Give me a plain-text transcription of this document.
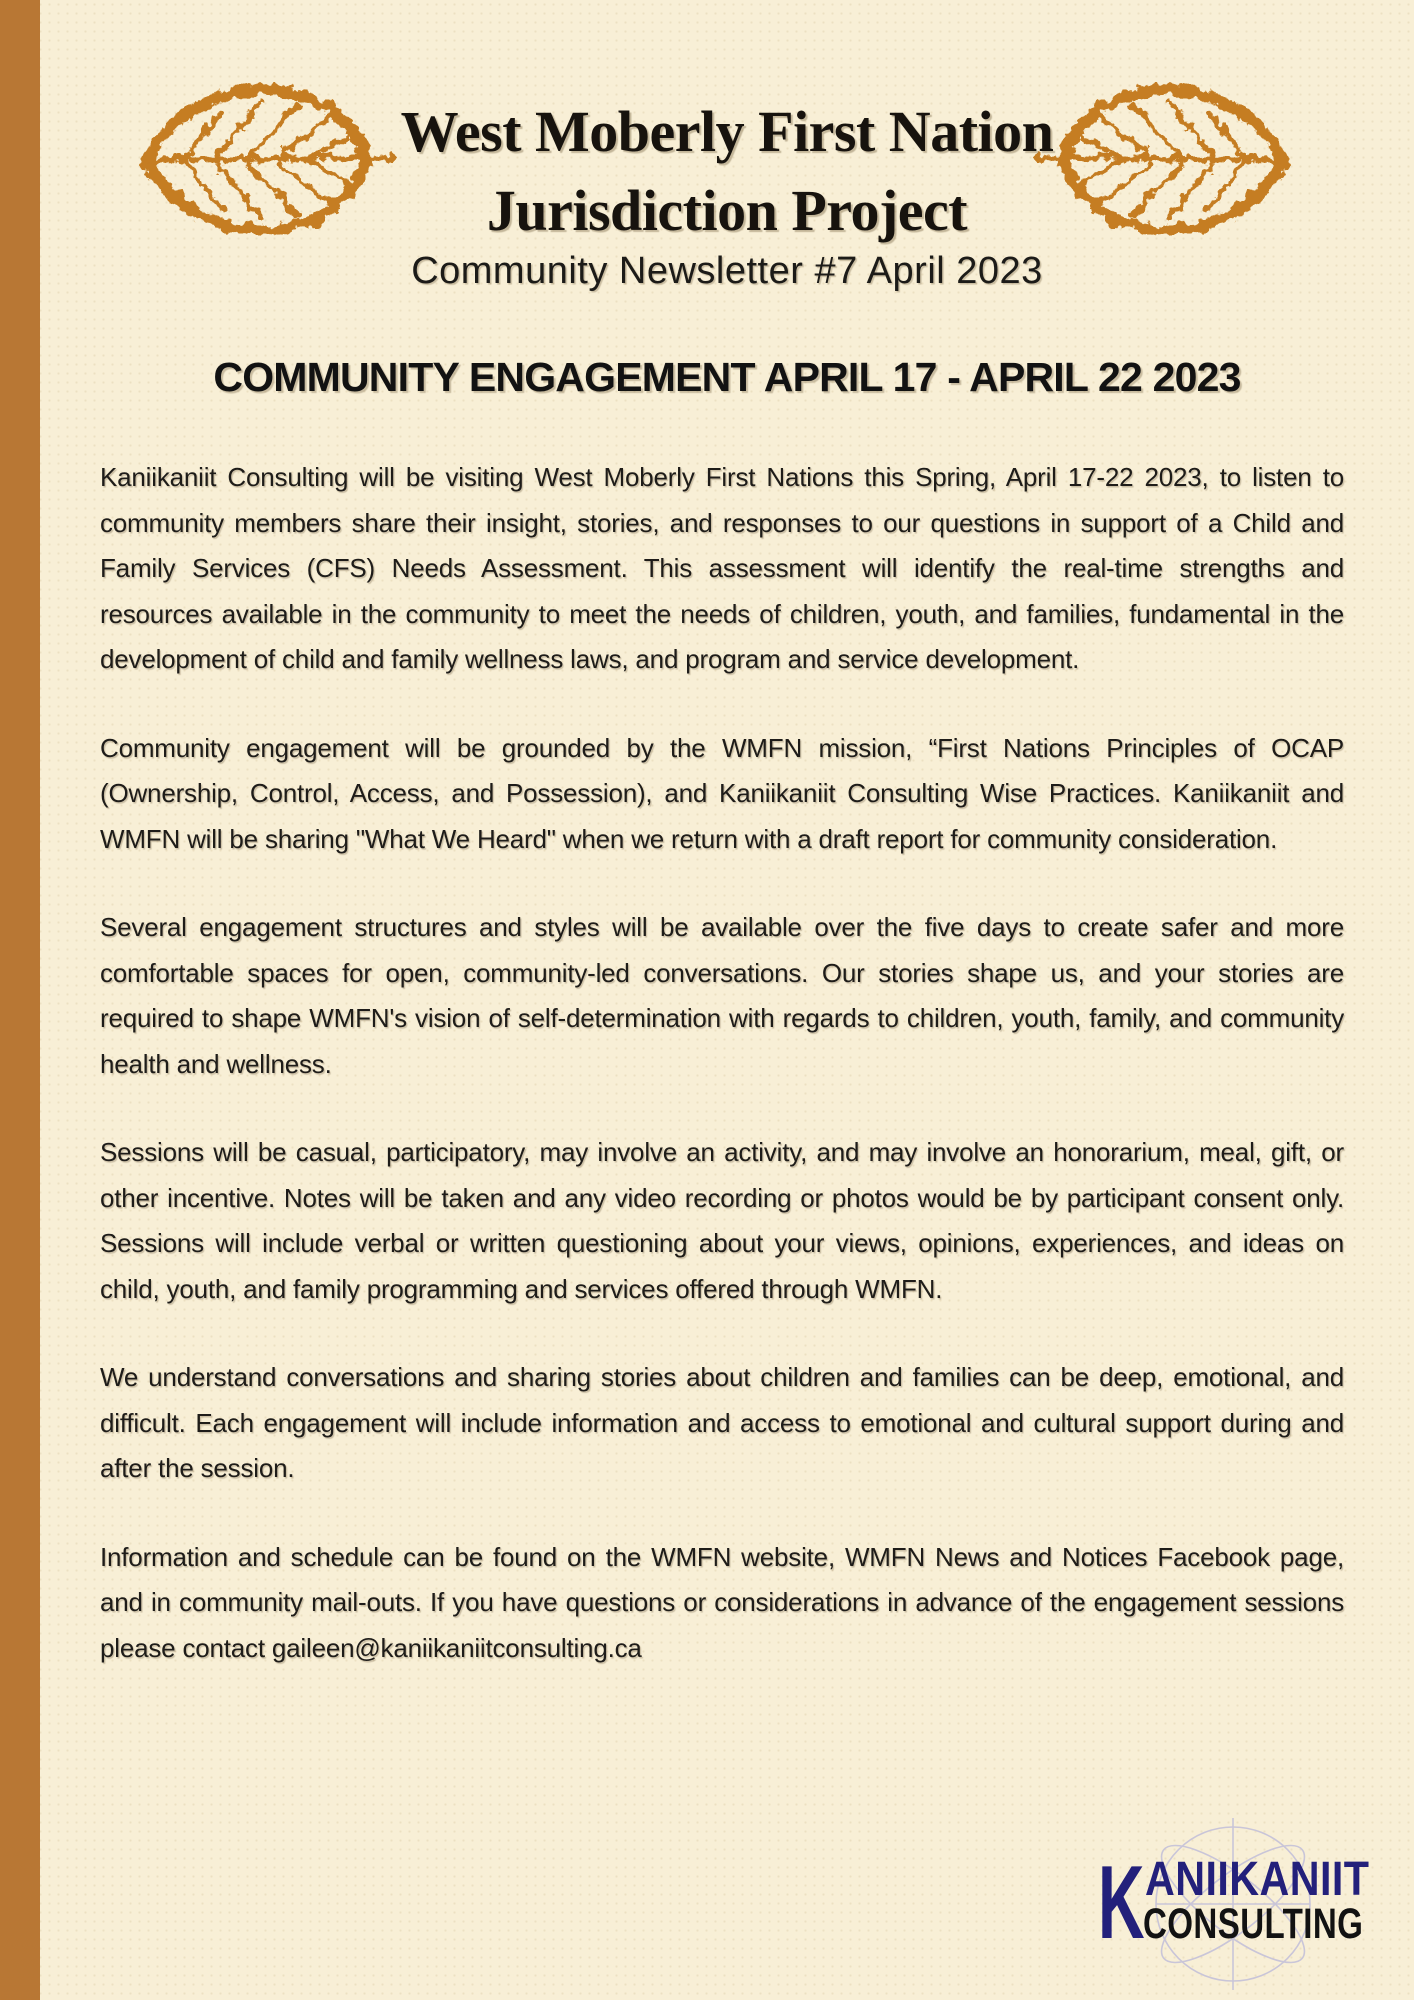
West Moberly First Nation
Jurisdiction Project
Community Newsletter #7 April 2023
COMMUNITY ENGAGEMENT APRIL 17 - APRIL 22 2023

Kaniikaniit Consulting will be visiting West Moberly First Nations this Spring, April 17-22 2023, to listen to community members share their insight, stories, and responses to our questions in support of a Child and Family Services (CFS) Needs Assessment. This assessment will identify the real-time strengths and resources available in the community to meet the needs of children, youth, and families, fundamental in the development of child and family wellness laws, and program and service development.

Community engagement will be grounded by the WMFN mission, “First Nations Principles of OCAP (Ownership, Control, Access, and Possession), and Kaniikaniit Consulting Wise Practices. Kaniikaniit and WMFN will be sharing "What We Heard" when we return with a draft report for community consideration.

Several engagement structures and styles will be available over the five days to create safer and more comfortable spaces for open, community-led conversations. Our stories shape us, and your stories are required to shape WMFN's vision of self-determination with regards to children, youth, family, and community health and wellness.

Sessions will be casual, participatory, may involve an activity, and may involve an honorarium, meal, gift, or other incentive. Notes will be taken and any video recording or photos would be by participant consent only. Sessions will include verbal or written questioning about your views, opinions, experiences, and ideas on child, youth, and family programming and services offered through WMFN.

We understand conversations and sharing stories about children and families can be deep, emotional, and difficult. Each engagement will include information and access to emotional and cultural support during and after the session.

Information and schedule can be found on the WMFN website, WMFN News and Notices Facebook page, and in community mail-outs. If you have questions or considerations in advance of the engagement sessions please contact gaileen@kaniikaniitconsulting.ca

K ANIIKANIIT
CONSULTING
